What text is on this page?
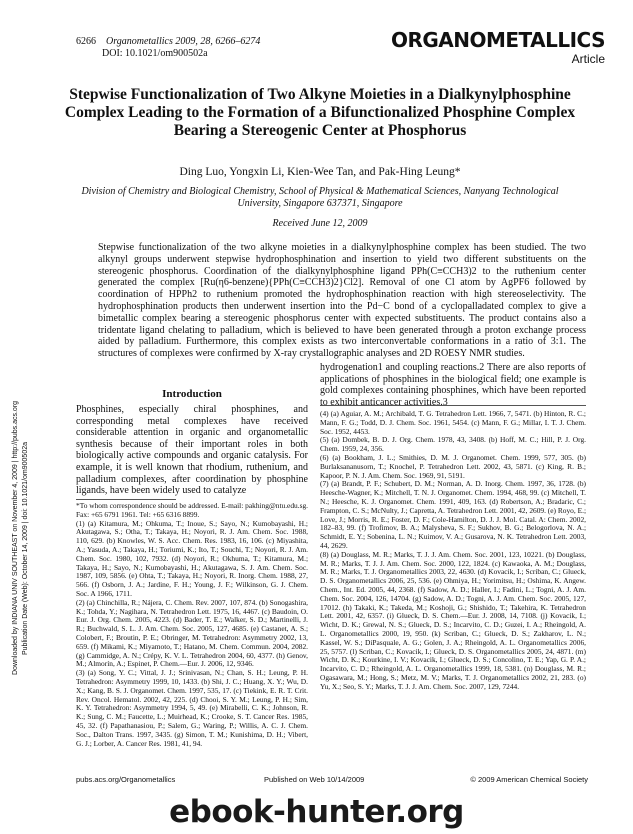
6266 Organometallics 2009, 28, 6266–6274
DOI: 10.1021/om900502a
ORGANOMETALLICS
Article
Stepwise Functionalization of Two Alkyne Moieties in a Dialkynylphosphine Complex Leading to the Formation of a Bifunctionalized Phosphine Complex Bearing a Stereogenic Center at Phosphorus
Ding Luo, Yongxin Li, Kien-Wee Tan, and Pak-Hing Leung*
Division of Chemistry and Biological Chemistry, School of Physical & Mathematical Sciences, Nanyang Technological University, Singapore 637371, Singapore
Received June 12, 2009
Stepwise functionalization of the two alkyne moieties in a dialkynylphosphine complex has been studied. The two alkynyl groups underwent stepwise hydrophosphination and insertion to yield two different substituents on the stereogenic phosphorus. Coordination of the dialkynylphosphine ligand PPh(C≡CCH3)2 to the ruthenium center generated the complex [Ru(η6-benzene){PPh(C≡CCH3)2}Cl2]. Removal of one Cl atom by AgPF6 followed by coordination of HPPh2 to ruthenium promoted the hydrophosphination reaction with high stereoselectivity. The hydrophosphination products then underwent insertion into the Pd−C bond of a cyclopalladated complex to give a bimetallic complex bearing a stereogenic phosphorus center with expected substituents. The product contains also a tridentate ligand chelating to palladium, which is believed to have been generated through a proton exchange process aided by palladium. Furthermore, this complex exists as two interconvertable conformations in a ratio of 3:1. The structures of complexes were confirmed by X-ray crystallographic analyses and 2D ROESY NMR studies.
Downloaded by INDIANA UNIV SOUTHEAST on November 4, 2009 | http://pubs.acs.org Publication Date (Web): October 14, 2009 | doi: 10.1021/om900502a
Introduction
Phosphines, especially chiral phosphines, and corresponding metal complexes have received considerable attention in organic and organometallic synthesis because of their important roles in both biologically active compounds and organic catalysis. For example, it is well known that rhodium, ruthenium, and palladium complexes, after coordination by phosphine ligands, have been widely used to catalyze
hydrogenation1 and coupling reactions.2 There are also reports of applications of phosphines in the biological field; one example is gold complexes containing phosphines, which have been reported to exhibit anticancer activities.3

*To whom correspondence should be addressed. E-mail: pakhing@ntu.edu.sg. Fax: +65 6791 1961. Tel: +65 6316 8899.

(1) (a) Kitamura, M.; Ohkuma, T.; Inoue, S.; Sayo, N.; Kumobayashi, H.; Akutagawa, S.; Otha, T.; Takaya, H.; Noyori, R. J. Am. Chem. Soc. 1988, 110, 629. (b) Knowles, W. S. Acc. Chem. Res. 1983, 16, 106. (c) Miyashita, A.; Yasuda, A.; Takaya, H.; Toriumi, K.; Ito, T.; Souchi, T.; Noyori, R. J. Am. Chem. Soc. 1980, 102, 7932. (d) Noyori, R.; Okhuma, T.; Kitamura, M.; Takaya, H.; Sayo, N.; Kumobayashi, H.; Akutagawa, S. J. Am. Chem. Soc. 1987, 109, 5856. (e) Ohta, T.; Takaya, H.; Noyori, R. Inorg. Chem. 1988, 27, 566. (f) Osborn, J. A.; Jardine, F. H.; Young, J. F.; Wilkinson, G. J. Chem. Soc. A 1966, 1711.

(2) (a) Chinchilla, R.; Nájera, C. Chem. Rev. 2007, 107, 874. (b) Sonogashira, K.; Tohda, Y.; Nagihara, N. Tetrahedron Lett. 1975, 16, 4467. (c) Baudoin, O. Eur. J. Org. Chem. 2005, 4223. (d) Bader, T. E.; Walker, S. D.; Martinelli, J. R.; Buchwald, S. L. J. Am. Chem. Soc. 2005, 127, 4685. (e) Castanet, A. S.; Colobert, F.; Broutin, P. E.; Obringer, M. Tetrahedron: Asymmetry 2002, 13, 659. (f) Mikami, K.; Miyamoto, T.; Hatano, M. Chem. Commun. 2004, 2082. (g) Cammidge, A. N.; Crépy, K. V. L. Tetrahedron 2004, 60, 4377. (h) Genov, M.; Almorín, A.; Espinet, P. Chem.—Eur. J. 2006, 12, 9346.

(3) (a) Song, Y. C.; Vittal, J. J.; Srinivasan, N.; Chan, S. H.; Leung, P. H. Tetrahedron: Asymmetry 1999, 10, 1433. (b) Shi, J. C.; Huang, X. Y.; Wu, D. X.; Kang, B. S. J. Organomet. Chem. 1997, 535, 17. (c) Tiekink, E. R. T. Crit. Rev. Oncol. Hematol. 2002, 42, 225. (d) Chooi, S. Y. M.; Leung, P. H.; Sim, K. Y. Tetrahedron: Asymmetry 1994, 5, 49. (e) Mirabelli, C. K.; Johnson, R. K.; Sung, C. M.; Faucette, L.; Muirhead, K.; Crooke, S. T. Cancer Res. 1985, 45, 32. (f) Papathanasiou, P.; Salem, G.; Waring, P.; Willis, A. C. J. Chem. Soc., Dalton Trans. 1997, 3435. (g) Simon, T. M.; Kunishima, D. H.; Vibert, G. J.; Lorber, A. Cancer Res. 1981, 41, 94.

(4) (a) Aguiar, A. M.; Archibald, T. G. Tetrahedron Lett. 1966, 7, 5471. (b) Hinton, R. C.; Mann, F. G.; Todd, D. J. Chem. Soc. 1961, 5454. (c) Mann, F. G.; Millar, I. T. J. Chem. Soc. 1952, 4453.

(5) (a) Dombek, B. D. J. Org. Chem. 1978, 43, 3408. (b) Hoff, M. C.; Hill, P. J. Org. Chem. 1959, 24, 356.

(6) (a) Bookham, J. L.; Smithies, D. M. J. Organomet. Chem. 1999, 577, 305. (b) Burlaksananusorn, T.; Knochel, P. Tetrahedron Lett. 2002, 43, 5871. (c) King, R. B.; Kapoor, P. N. J. Am. Chem. Soc. 1969, 91, 5191.

(7) (a) Brandt, P. F.; Schubert, D. M.; Norman, A. D. Inorg. Chem. 1997, 36, 1728. (b) Heesche-Wagner, K.; Mitchell, T. N. J. Organomet. Chem. 1994, 468, 99. (c) Mitchell, T. N.; Heesche, K. J. Organomet. Chem. 1991, 409, 163. (d) Robertson, A.; Bradaric, C.; Frampton, C. S.; McNulty, J.; Capretta, A. Tetrahedron Lett. 2001, 42, 2609. (e) Royo, E.; Love, J.; Morris, R. E.; Foster, D. F.; Cole-Hamilton, D. J. J. Mol. Catal. A: Chem. 2002, 182–83, 99. (f) Trofimov, B. A.; Malysheva, S. F.; Sukhov, B. G.; Belogorlova, N. A.; Schmidt, E. Y.; Sobenina, L. N.; Kuimov, V. A.; Gusarova, N. K. Tetrahedron Lett. 2003, 44, 2629.

(8) (a) Douglass, M. R.; Marks, T. J. J. Am. Chem. Soc. 2001, 123, 10221. (b) Douglass, M. R.; Marks, T. J. J. Am. Chem. Soc. 2000, 122, 1824. (c) Kawaoka, A. M.; Douglass, M. R.; Marks, T. J. Organometallics 2003, 22, 4630. (d) Kovacik, I.; Scriban, C.; Glueck, D. S. Organometallics 2006, 25, 536. (e) Ohmiya, H.; Yorimitsu, H.; Oshima, K. Angew. Chem., Int. Ed. 2005, 44, 2368. (f) Sadow, A. D.; Haller, I.; Fadini, L.; Togni, A. J. Am. Chem. Soc. 2004, 126, 14704. (g) Sadow, A. D.; Togni, A. J. Am. Chem. Soc. 2005, 127, 17012. (h) Takaki, K.; Takeda, M.; Koshoji, G.; Shishido, T.; Takehira, K. Tetrahedron Lett. 2001, 42, 6357. (i) Glueck, D. S. Chem.—Eur. J. 2008, 14, 7108. (j) Kovacik, I.; Wicht, D. K.; Grewal, N. S.; Glueck, D. S.; Incarvito, C. D.; Guzei, I. A.; Rheingold, A. L. Organometallics 2000, 19, 950. (k) Scriban, C.; Glueck, D. S.; Zakharov, L. N.; Kassel, W. S.; DiPasquale, A. G.; Golen, J. A.; Rheingold, A. L. Organometallics 2006, 25, 5757. (l) Scriban, C.; Kovacik, I.; Glueck, D. S. Organometallics 2005, 24, 4871. (m) Wicht, D. K.; Kourkine, I. V.; Kovacik, I.; Glueck, D. S.; Concolino, T. E.; Yap, G. P. A.; Incarvito, C. D.; Rheingold, A. L. Organometallics 1999, 18, 5381. (n) Douglass, M. R.; Ogasawara, M.; Hong, S.; Metz, M. V.; Marks, T. J. Organometallics 2002, 21, 283. (o) Yu, X.; Seo, S. Y.; Marks, T. J. J. Am. Chem. Soc. 2007, 129, 7244.

pubs.acs.org/Organometallics	Published on Web 10/14/2009	© 2009 American Chemical Society
ebook-hunter.org
